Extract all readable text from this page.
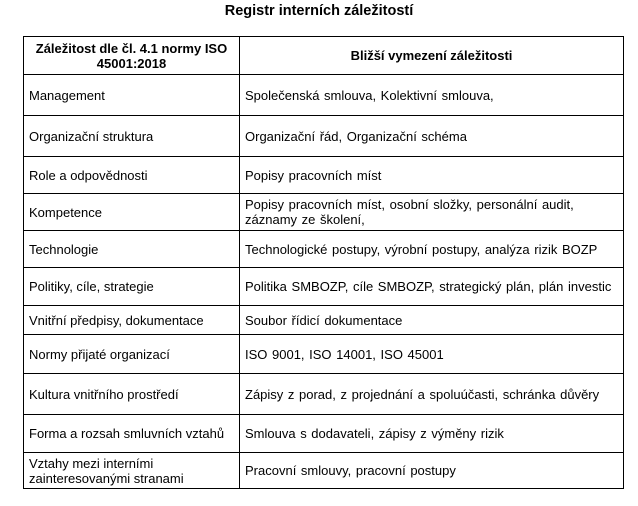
Registr interních záležitostí
Záležitost dle čl. 4.1 normy ISO 45001:2018	Bližší vymezení záležitosti

Management	Společenská smlouva, Kolektivní smlouva,

Organizační struktura	Organizační řád, Organizační schéma

Role a odpovědnosti	Popisy pracovních míst

Kompetence	Popisy pracovních míst, osobní složky, personální audit, záznamy ze školení,

Technologie	Technologické postupy, výrobní postupy, analýza rizik BOZP

Politiky, cíle, strategie	Politika SMBOZP, cíle SMBOZP, strategický plán, plán investic

Vnitřní předpisy, dokumentace	Soubor řídicí dokumentace

Normy přijaté organizací	ISO 9001, ISO 14001, ISO 45001

Kultura vnitřního prostředí	Zápisy z porad, z projednání a spoluúčasti, schránka důvěry

Forma a rozsah smluvních vztahů	Smlouva s dodavateli, zápisy z výměny rizik

Vztahy mezi interními zainteresovanými stranami	Pracovní smlouvy, pracovní postupy
